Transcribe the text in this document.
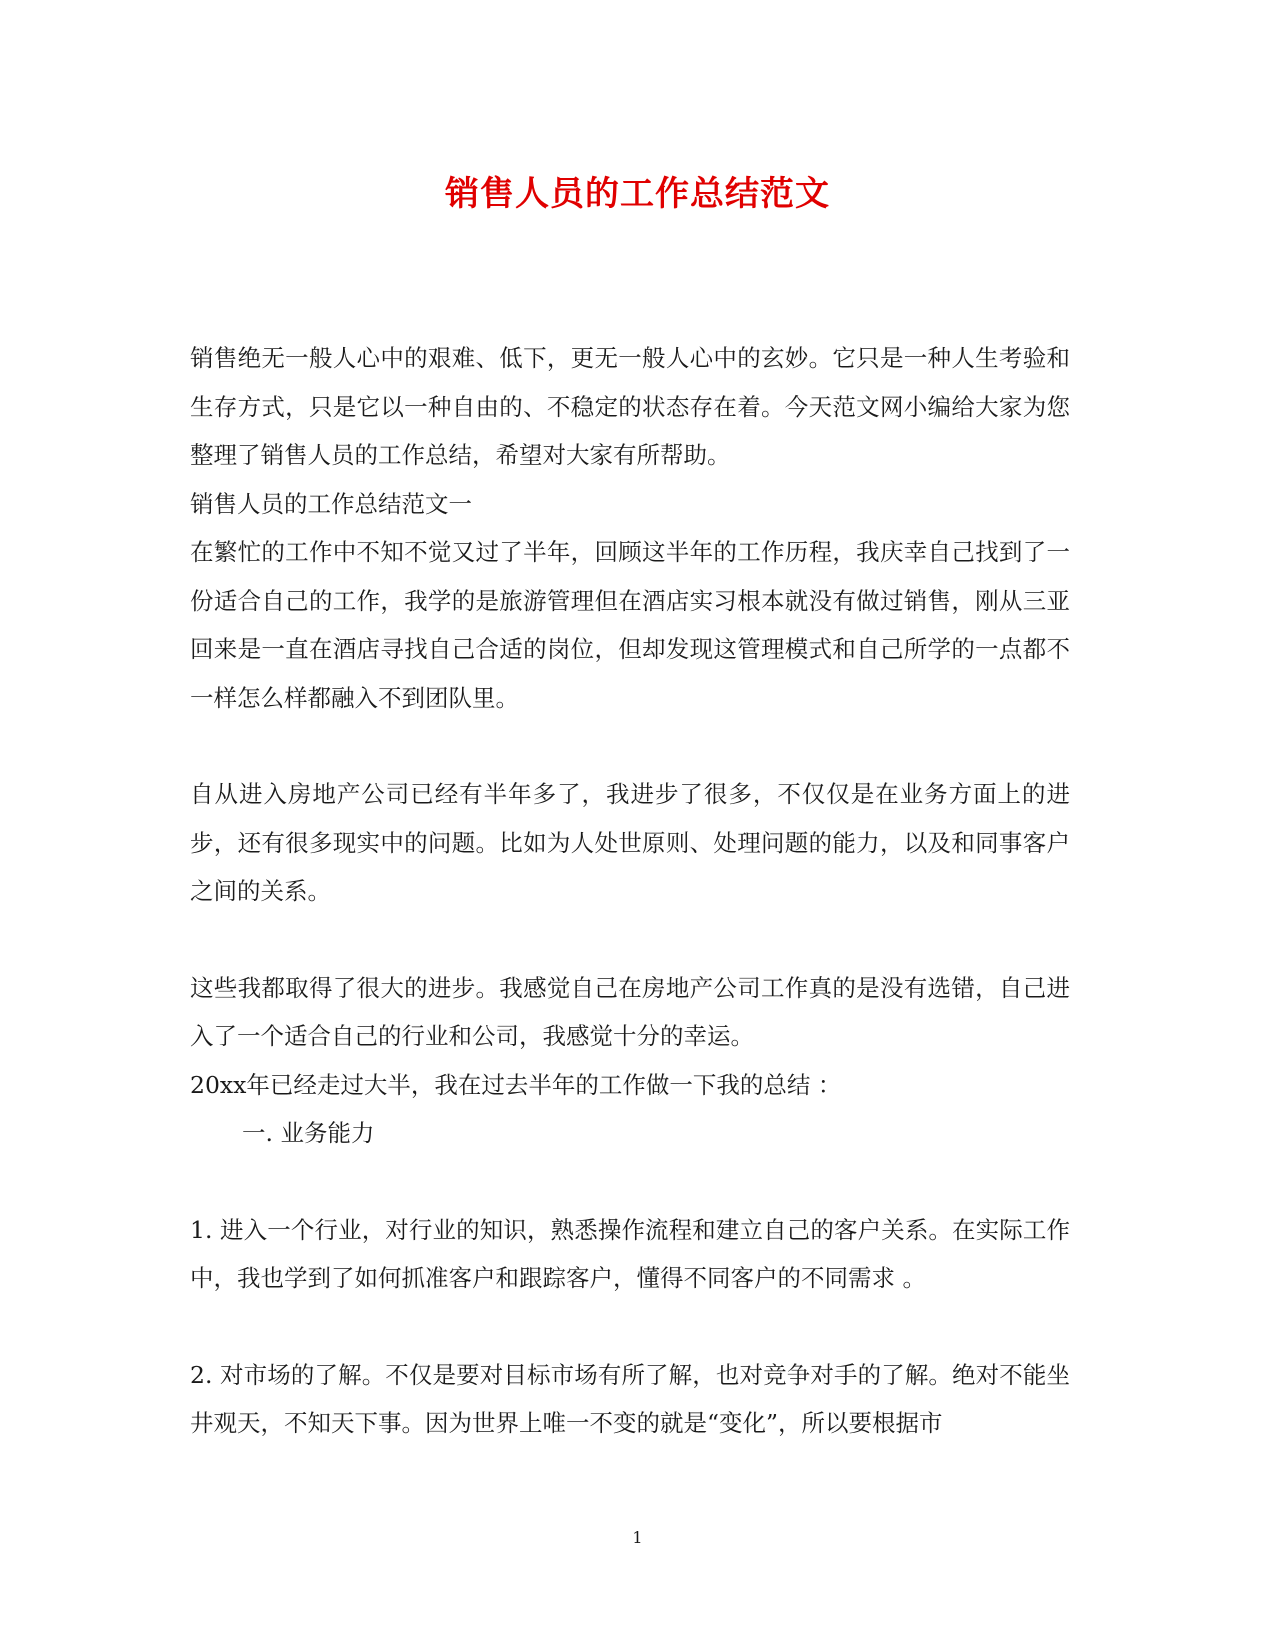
销售人员的工作总结范文

销售绝无一般人心中的艰难、低下，更无一般人心中的玄妙。它只是一种人生考验和生存方式，只是它以一种自由的、不稳定的状态存在着。今天范文网小编给大家为您整理了销售人员的工作总结，希望对大家有所帮助。

销售人员的工作总结范文一

在繁忙的工作中不知不觉又过了半年，回顾这半年的工作历程，我庆幸自己找到了一份适合自己的工作，我学的是旅游管理但在酒店实习根本就没有做过销售，刚从三亚回来是一直在酒店寻找自己合适的岗位，但却发现这管理模式和自己所学的一点都不一样怎么样都融入不到团队里。

自从进入房地产公司已经有半年多了，我进步了很多，不仅仅是在业务方面上的进步，还有很多现实中的问题。比如为人处世原则、处理问题的能力，以及和同事客户之间的关系。

这些我都取得了很大的进步。我感觉自己在房地产公司工作真的是没有选错，自己进入了一个适合自己的行业和公司，我感觉十分的幸运。

20xx年已经走过大半，我在过去半年的工作做一下我的总结 ：

一. 业务能力

1. 进入一个行业，对行业的知识，熟悉操作流程和建立自己的客户关系。在实际工作中，我也学到了如何抓准客户和跟踪客户，懂得不同客户的不同需求 。

2. 对市场的了解。不仅是要对目标市场有所了解，也对竞争对手的了解。绝对不能坐井观天，不知天下事。因为世界上唯一不变的就是“变化”，所以要根据市

1
